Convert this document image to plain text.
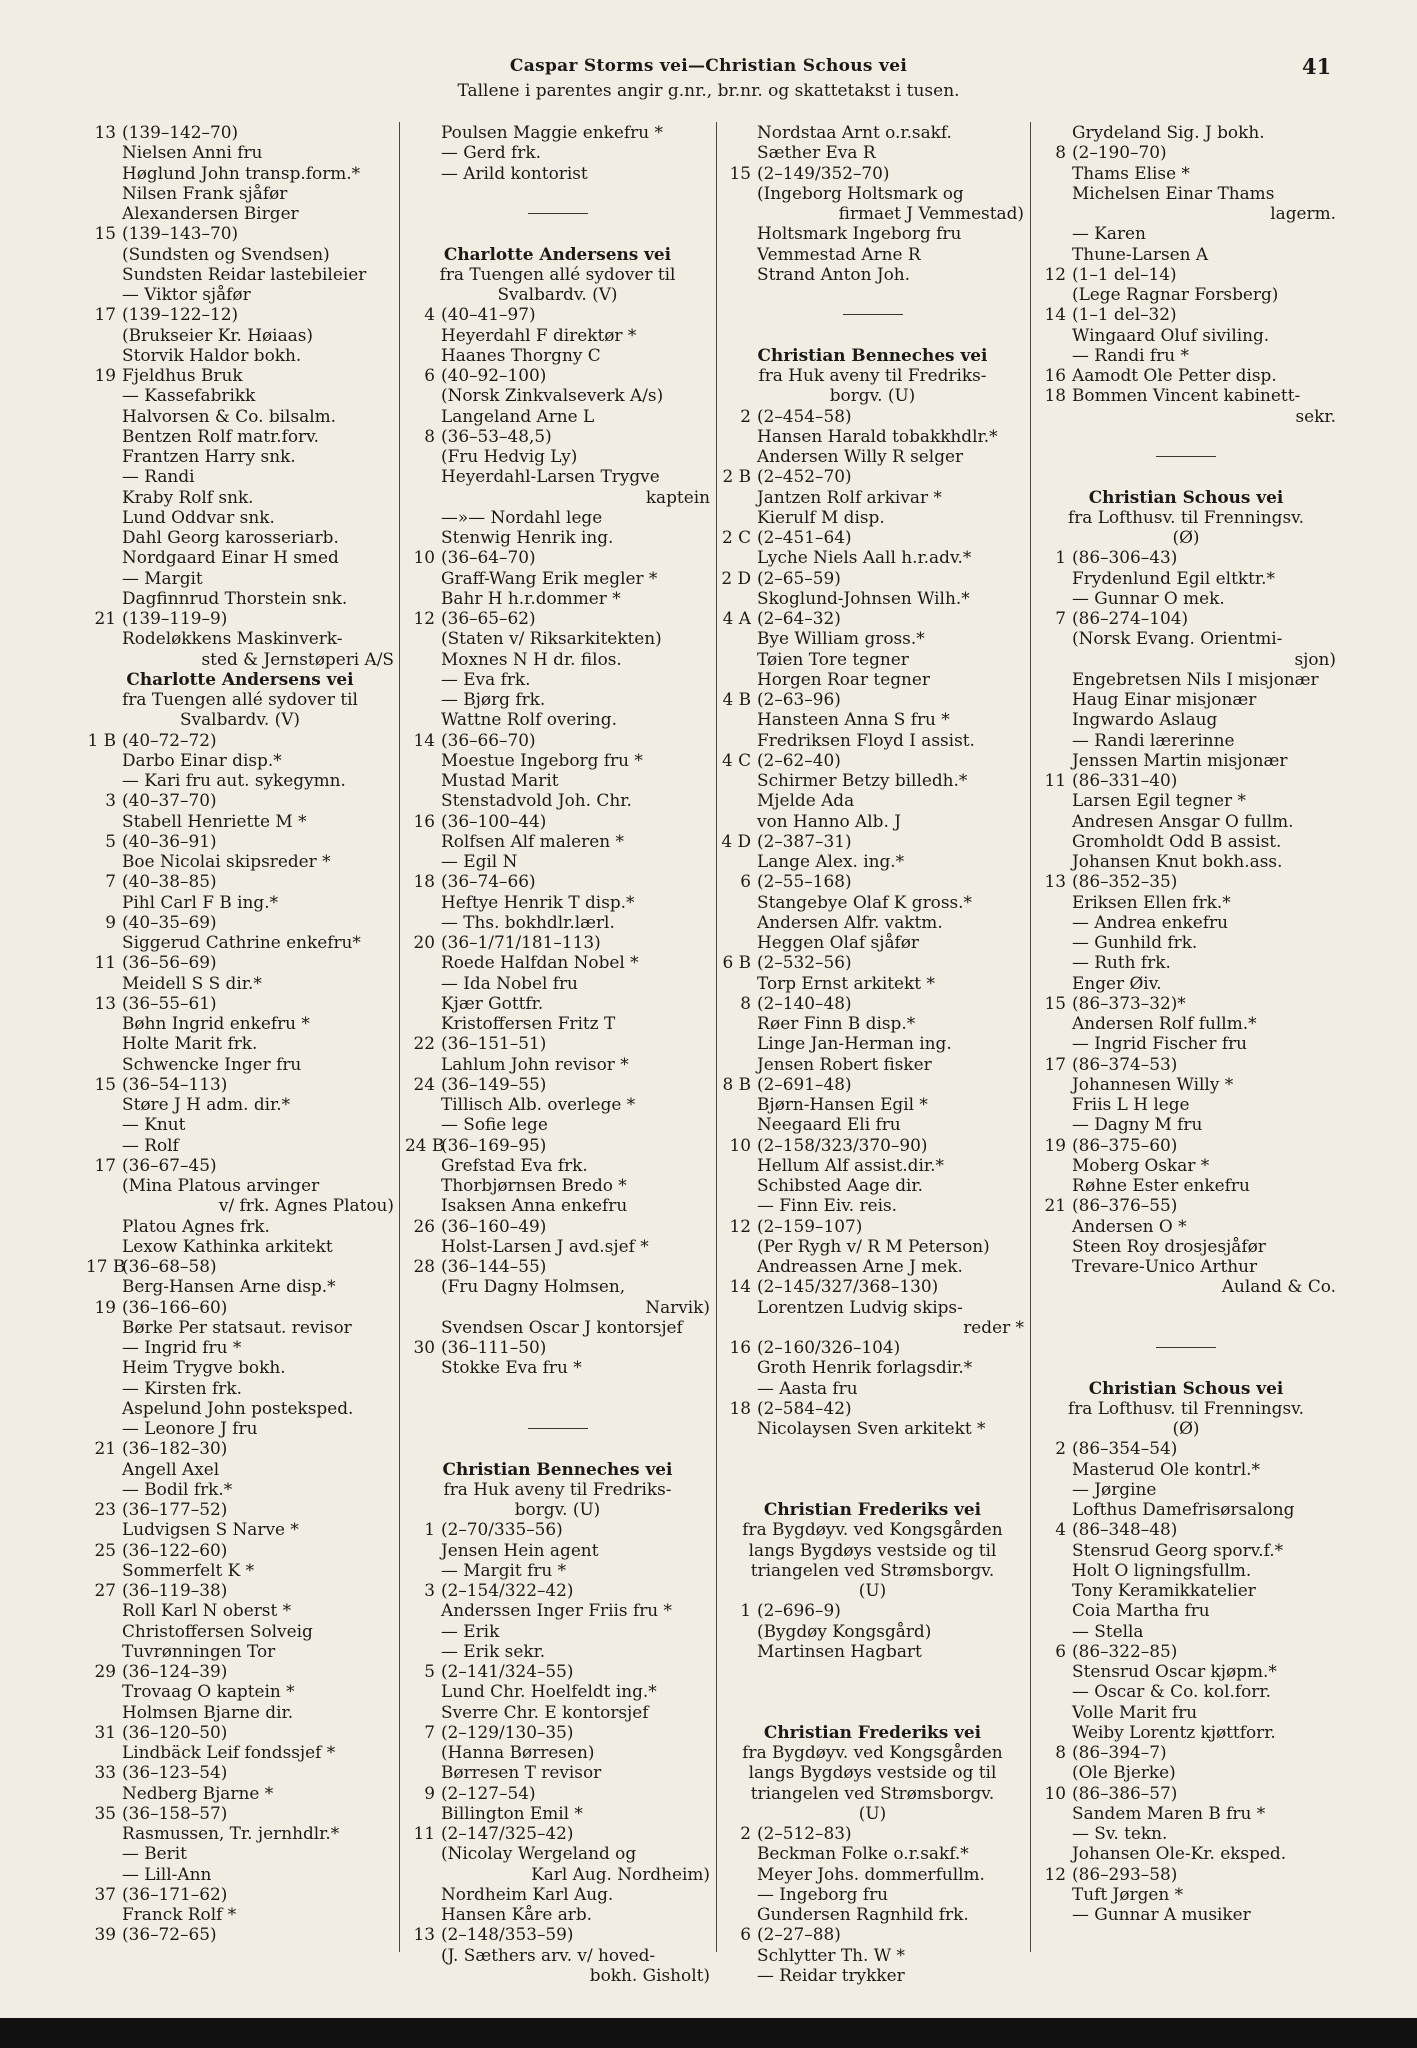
Caspar Storms vei—Christian Schous vei
Tallene i parentes angir g.nr., br.nr. og skattetakst i tusen.
41
13 (139–142–70)
Nielsen Anni fru
Høglund John transp.form.*
Nilsen Frank sjåfør
Alexandersen Birger
15 (139–143–70)
(Sundsten og Svendsen)
Sundsten Reidar lastebileier
— Viktor sjåfør
17 (139–122–12)
(Brukseier Kr. Høiaas)
Storvik Haldor bokh.
19 Fjeldhus Bruk
— Kassefabrikk
Halvorsen & Co. bilsalm.
Bentzen Rolf matr.forv.
Frantzen Harry snk.
— Randi
Kraby Rolf snk.
Lund Oddvar snk.
Dahl Georg karosseriarb.
Nordgaard Einar H smed
— Margit
Dagfinnrud Thorstein snk.
21 (139–119–9)
Rodeløkkens Maskinverk-
sted & Jernstøperi A/S
Charlotte Andersens vei
fra Tuengen allé sydover til
Svalbardv. (V)
1 B (40–72–72)
Darbo Einar disp.*
— Kari fru aut. sykegymn.
3 (40–37–70)
Stabell Henriette M *
5 (40–36–91)
Boe Nicolai skipsreder *
7 (40–38–85)
Pihl Carl F B ing.*
9 (40–35–69)
Siggerud Cathrine enkefru*
11 (36–56–69)
Meidell S S dir.*
13 (36–55–61)
Bøhn Ingrid enkefru *
Holte Marit frk.
Schwencke Inger fru
15 (36–54–113)
Støre J H adm. dir.*
— Knut
— Rolf
17 (36–67–45)
(Mina Platous arvinger
v/ frk. Agnes Platou)
Platou Agnes frk.
Lexow Kathinka arkitekt
17 B(36–68–58)
Berg-Hansen Arne disp.*
19 (36–166–60)
Børke Per statsaut. revisor
— Ingrid fru *
Heim Trygve bokh.
— Kirsten frk.
Aspelund John posteksped.
— Leonore J fru
21 (36–182–30)
Angell Axel
— Bodil frk.*
23 (36–177–52)
Ludvigsen S Narve *
25 (36–122–60)
Sommerfelt K *
27 (36–119–38)
Roll Karl N oberst *
Christoffersen Solveig
Tuvrønningen Tor
29 (36–124–39)
Trovaag O kaptein *
Holmsen Bjarne dir.
31 (36–120–50)
Lindbäck Leif fondssjef *
33 (36–123–54)
Nedberg Bjarne *
35 (36–158–57)
Rasmussen, Tr. jernhdlr.*
— Berit
— Lill-Ann
37 (36–171–62)
Franck Rolf *
39 (36–72–65)
Poulsen Maggie enkefru *
— Gerd frk.
— Arild kontorist
Charlotte Andersens vei
fra Tuengen allé sydover til
Svalbardv. (V)
4 (40–41–97)
Heyerdahl F direktør *
Haanes Thorgny C
6 (40–92–100)
(Norsk Zinkvalseverk A/s)
Langeland Arne L
8 (36–53–48,5)
(Fru Hedvig Ly)
Heyerdahl-Larsen Trygve
kaptein
—»— Nordahl lege
Stenwig Henrik ing.
10 (36–64–70)
Graff-Wang Erik megler *
Bahr H h.r.dommer *
12 (36–65–62)
(Staten v/ Riksarkitekten)
Moxnes N H dr. filos.
— Eva frk.
— Bjørg frk.
Wattne Rolf overing.
14 (36–66–70)
Moestue Ingeborg fru *
Mustad Marit
Stenstadvold Joh. Chr.
16 (36–100–44)
Rolfsen Alf maleren *
— Egil N
18 (36–74–66)
Heftye Henrik T disp.*
— Ths. bokhdlr.lærl.
20 (36–1/71/181–113)
Roede Halfdan Nobel *
— Ida Nobel fru
Kjær Gottfr.
Kristoffersen Fritz T
22 (36–151–51)
Lahlum John revisor *
24 (36–149–55)
Tillisch Alb. overlege *
— Sofie lege
24 B(36–169–95)
Grefstad Eva frk.
Thorbjørnsen Bredo *
Isaksen Anna enkefru
26 (36–160–49)
Holst-Larsen J avd.sjef *
28 (36–144–55)
(Fru Dagny Holmsen,
Narvik)
Svendsen Oscar J kontorsjef
30 (36–111–50)
Stokke Eva fru *
Christian Benneches vei
fra Huk aveny til Fredriks-
borgv. (U)
1 (2–70/335–56)
Jensen Hein agent
— Margit fru *
3 (2–154/322–42)
Anderssen Inger Friis fru *
— Erik
— Erik sekr.
5 (2–141/324–55)
Lund Chr. Hoelfeldt ing.*
Sverre Chr. E kontorsjef
7 (2–129/130–35)
(Hanna Børresen)
Børresen T revisor
9 (2–127–54)
Billington Emil *
11 (2–147/325–42)
(Nicolay Wergeland og
Karl Aug. Nordheim)
Nordheim Karl Aug.
Hansen Kåre arb.
13 (2–148/353–59)
(J. Sæthers arv. v/ hoved-
bokh. Gisholt)
Nordstaa Arnt o.r.sakf.
Sæther Eva R
15 (2–149/352–70)
(Ingeborg Holtsmark og
firmaet J Vemmestad)
Holtsmark Ingeborg fru
Vemmestad Arne R
Strand Anton Joh.
Christian Benneches vei
fra Huk aveny til Fredriks-
borgv. (U)
2 (2–454–58)
Hansen Harald tobakkhdlr.*
Andersen Willy R selger
2 B (2–452–70)
Jantzen Rolf arkivar *
Kierulf M disp.
2 C (2–451–64)
Lyche Niels Aall h.r.adv.*
2 D (2–65–59)
Skoglund-Johnsen Wilh.*
4 A (2–64–32)
Bye William gross.*
Tøien Tore tegner
Horgen Roar tegner
4 B (2–63–96)
Hansteen Anna S fru *
Fredriksen Floyd I assist.
4 C (2–62–40)
Schirmer Betzy billedh.*
Mjelde Ada
von Hanno Alb. J
4 D (2–387–31)
Lange Alex. ing.*
6 (2–55–168)
Stangebye Olaf K gross.*
Andersen Alfr. vaktm.
Heggen Olaf sjåfør
6 B (2–532–56)
Torp Ernst arkitekt *
8 (2–140–48)
Røer Finn B disp.*
Linge Jan-Herman ing.
Jensen Robert fisker
8 B (2–691–48)
Bjørn-Hansen Egil *
Neegaard Eli fru
10 (2–158/323/370–90)
Hellum Alf assist.dir.*
Schibsted Aage dir.
— Finn Eiv. reis.
12 (2–159–107)
(Per Rygh v/ R M Peterson)
Andreassen Arne J mek.
14 (2–145/327/368–130)
Lorentzen Ludvig skips-
reder *
16 (2–160/326–104)
Groth Henrik forlagsdir.*
— Aasta fru
18 (2–584–42)
Nicolaysen Sven arkitekt *
Christian Frederiks vei
fra Bygdøyv. ved Kongsgården
langs Bygdøys vestside og til
triangelen ved Strømsborgv.
(U)
1 (2–696–9)
(Bygdøy Kongsgård)
Martinsen Hagbart
Christian Frederiks vei
fra Bygdøyv. ved Kongsgården
langs Bygdøys vestside og til
triangelen ved Strømsborgv.
(U)
2 (2–512–83)
Beckman Folke o.r.sakf.*
Meyer Johs. dommerfullm.
— Ingeborg fru
Gundersen Ragnhild frk.
6 (2–27–88)
Schlytter Th. W *
— Reidar trykker
Grydeland Sig. J bokh.
8 (2–190–70)
Thams Elise *
Michelsen Einar Thams
lagerm.
— Karen
Thune-Larsen A
12 (1–1 del–14)
(Lege Ragnar Forsberg)
14 (1–1 del–32)
Wingaard Oluf siviling.
— Randi fru *
16 Aamodt Ole Petter disp.
18 Bommen Vincent kabinett-
sekr.
Christian Schous vei
fra Lofthusv. til Frenningsv.
(Ø)
1 (86–306–43)
Frydenlund Egil eltktr.*
— Gunnar O mek.
7 (86–274–104)
(Norsk Evang. Orientmi-
sjon)
Engebretsen Nils I misjonær
Haug Einar misjonær
Ingwardo Aslaug
— Randi lærerinne
Jenssen Martin misjonær
11 (86–331–40)
Larsen Egil tegner *
Andresen Ansgar O fullm.
Gromholdt Odd B assist.
Johansen Knut bokh.ass.
13 (86–352–35)
Eriksen Ellen frk.*
— Andrea enkefru
— Gunhild frk.
— Ruth frk.
Enger Øiv.
15 (86–373–32)*
Andersen Rolf fullm.*
— Ingrid Fischer fru
17 (86–374–53)
Johannesen Willy *
Friis L H lege
— Dagny M fru
19 (86–375–60)
Moberg Oskar *
Røhne Ester enkefru
21 (86–376–55)
Andersen O *
Steen Roy drosjesjåfør
Trevare-Unico Arthur
Auland & Co.
Christian Schous vei
fra Lofthusv. til Frenningsv.
(Ø)
2 (86–354–54)
Masterud Ole kontrl.*
— Jørgine
Lofthus Damefrisørsalong
4 (86–348–48)
Stensrud Georg sporv.f.*
Holt O ligningsfullm.
Tony Keramikkatelier
Coia Martha fru
— Stella
6 (86–322–85)
Stensrud Oscar kjøpm.*
— Oscar & Co. kol.forr.
Volle Marit fru
Weiby Lorentz kjøttforr.
8 (86–394–7)
(Ole Bjerke)
10 (86–386–57)
Sandem Maren B fru *
— Sv. tekn.
Johansen Ole-Kr. eksped.
12 (86–293–58)
Tuft Jørgen *
— Gunnar A musiker
